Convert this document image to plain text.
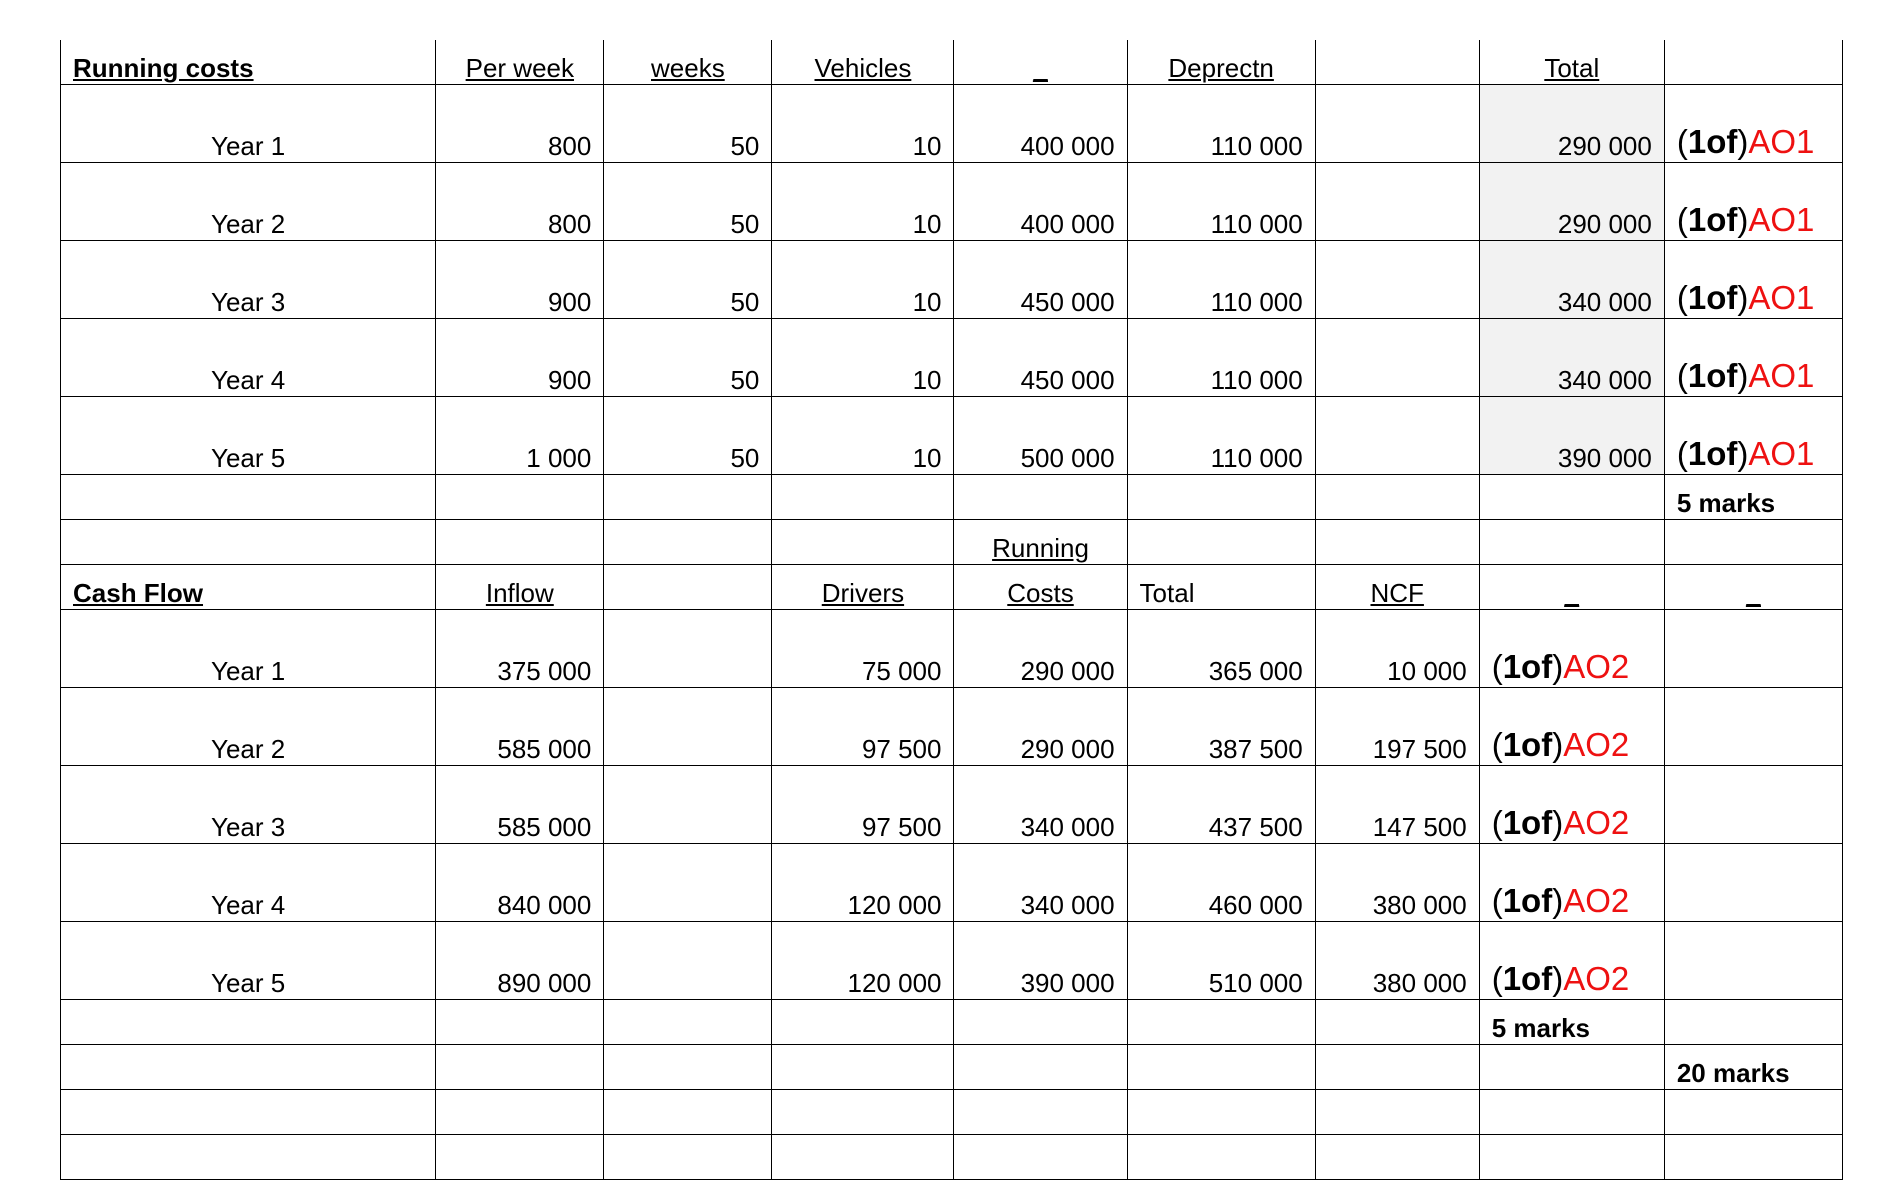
Running costs	Per week	weeks	Vehicles	_	Deprectn		Total	
Year 1	800	50	10	400 000	110 000		290 000	(1of)AO1
Year 2	800	50	10	400 000	110 000		290 000	(1of)AO1
Year 3	900	50	10	450 000	110 000		340 000	(1of)AO1
Year 4	900	50	10	450 000	110 000		340 000	(1of)AO1
Year 5	1 000	50	10	500 000	110 000		390 000	(1of)AO1
								5 marks
				Running				
Cash Flow	Inflow		Drivers	Costs	Total	NCF	_	_
Year 1	375 000		75 000	290 000	365 000	10 000	(1of)AO2	
Year 2	585 000		97 500	290 000	387 500	197 500	(1of)AO2	
Year 3	585 000		97 500	340 000	437 500	147 500	(1of)AO2	
Year 4	840 000		120 000	340 000	460 000	380 000	(1of)AO2	
Year 5	890 000		120 000	390 000	510 000	380 000	(1of)AO2	
							5 marks	
								20 marks
